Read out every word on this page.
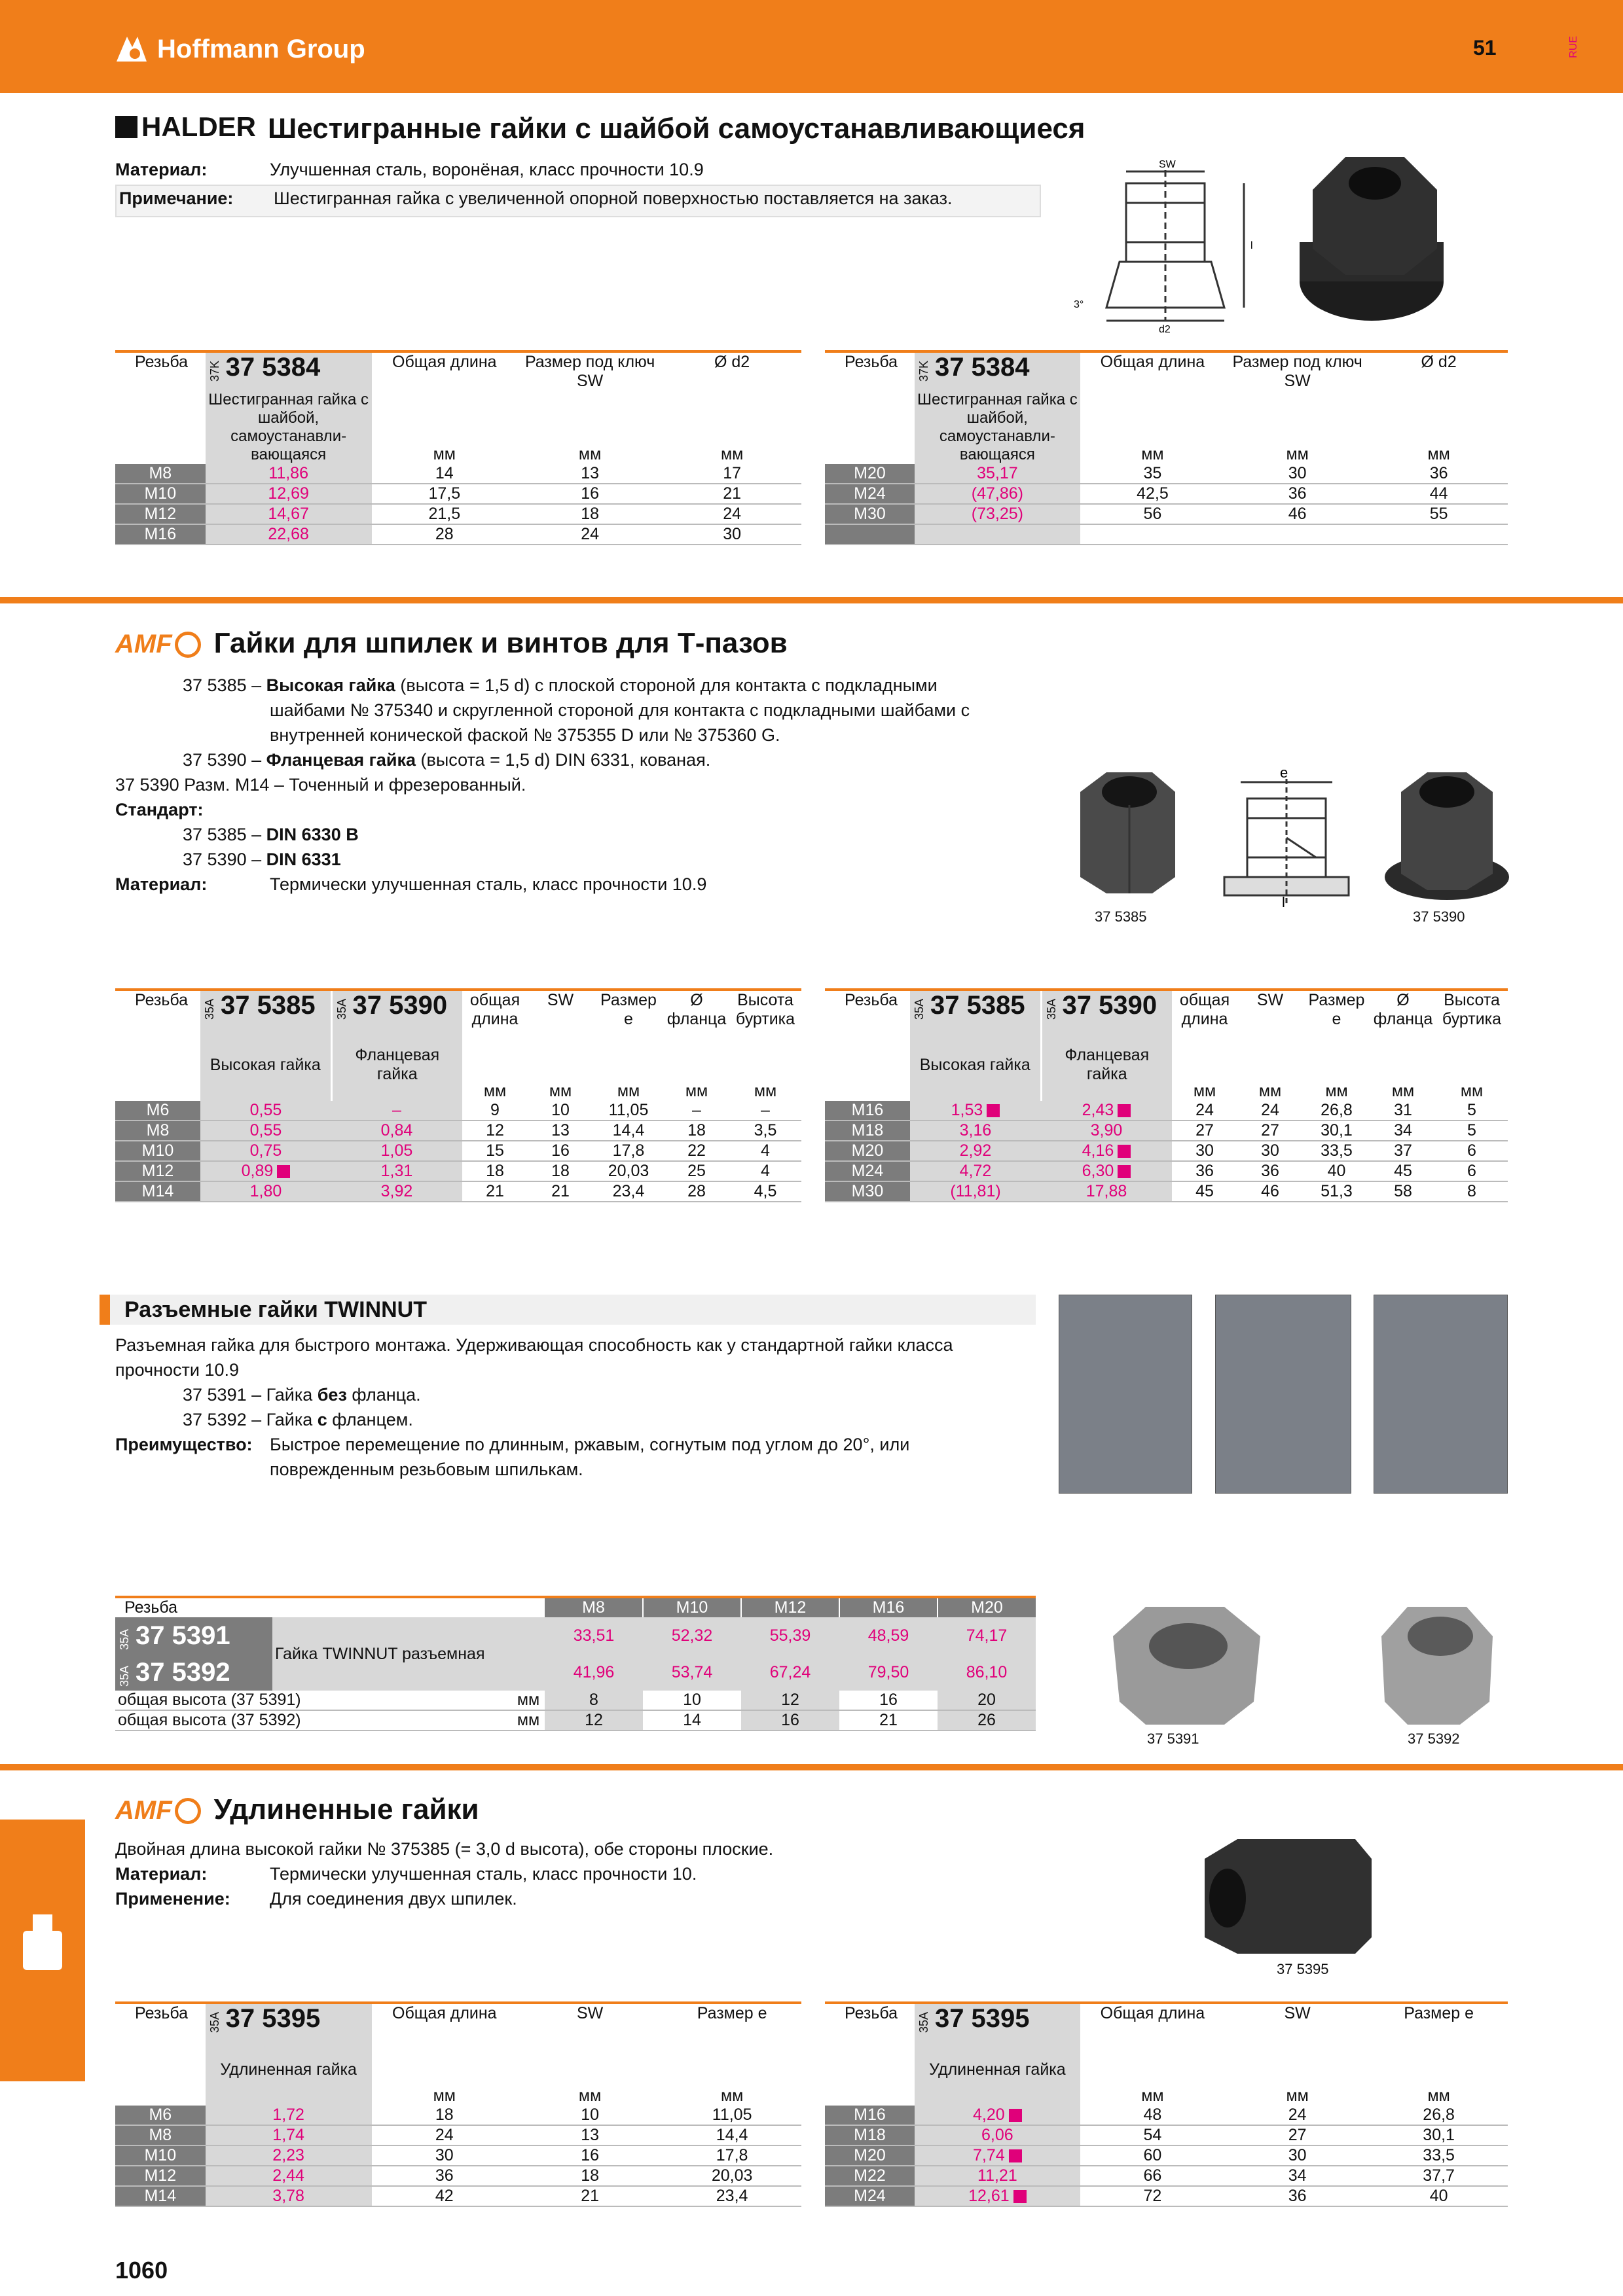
Hoffmann Group	51	RUE
HALDER Шестигранные гайки с шайбой самоустанавливающиеся
Материал:	Улучшенная сталь, воронёная, класс прочности 10.9
Примечание: Шестигранная гайка с увеличенной опорной поверхностью поставляется на заказ.
SW
l
d2
3°
Резьба	37K 37 5384	Общая длина	Размер под ключ SW	Ø d2
	Шестигранная гайка с шайбой, самоустанавли-вающаяся	мм	мм	мм
M8	11,86	14	13	17
M10	12,69	17,5	16	21
M12	14,67	21,5	18	24
M16	22,68	28	24	30
Резьба	37K 37 5384	Общая длина	Размер под ключ SW	Ø d2
	Шестигранная гайка с шайбой, самоустанавли-вающаяся	мм	мм	мм
M20	35,17	35	30	36
M24	(47,86)	42,5	36	44
M30	(73,25)	56	46	55

AMF Гайки для шпилек и винтов для Т-пазов
37 5385 – Высокая гайка (высота = 1,5 d) с плоской стороной для контакта с подкладными
шайбами № 375340 и скругленной стороной для контакта с подкладными шайбами с
внутренней конической фаской № 375355 D или № 375360 G.
37 5390 – Фланцевая гайка (высота = 1,5 d) DIN 6331, кованая.
37 5390 Разм. M14 – Точенный и фрезерованный.
Стандарт:
37 5385 – DIN 6330 B
37 5390 – DIN 6331
Материал:	Термически улучшенная сталь, класс прочности 10.9
e
l
37 5385	37 5390
Резьба	35A 37 5385	35A 37 5390	общая длина	SW	Размер e	Ø фланца	Высота буртика
	Высокая гайка	Фланцевая гайка	мм	мм	мм	мм	мм
M6	0,55	–	9	10	11,05	–	–
M8	0,55	0,84	12	13	14,4	18	3,5
M10	0,75	1,05	15	16	17,8	22	4
M12	0,89	1,31	18	18	20,03	25	4
M14	1,80	3,92	21	21	23,4	28	4,5
Резьба	35A 37 5385	35A 37 5390	общая длина	SW	Размер e	Ø фланца	Высота буртика
	Высокая гайка	Фланцевая гайка	мм	мм	мм	мм	мм
M16	1,53	2,43	24	24	26,8	31	5
M18	3,16	3,90	27	27	30,1	34	5
M20	2,92	4,16	30	30	33,5	37	6
M24	4,72	6,30	36	36	40	45	6
M30	(11,81)	17,88	45	46	51,3	58	8
Разъемные гайки TWINNUT
Разъемная гайка для быстрого монтажа. Удерживающая способность как у стандартной гайки класса
прочности 10.9
37 5391 – Гайка без фланца.
37 5392 – Гайка с фланцем.
Преимущество: Быстрое перемещение по длинным, ржавым, согнутым под углом до 20°, или
поврежденным резьбовым шпилькам.
Резьба			M8	M10	M12	M16	M20
35A 37 5391	Гайка TWINNUT разъемная		33,51	52,32	55,39	48,59	74,17
35A 37 5392			41,96	53,74	67,24	79,50	86,10
общая высота (37 5391)		мм	8	10	12	16	20
общая высота (37 5392)		мм	12	14	16	21	26
37 5391	37 5392
AMF Удлиненные гайки
Двойная длина высокой гайки № 375385 (= 3,0 d высота), обе стороны плоские.
Материал:	Термически улучшенная сталь, класс прочности 10.
Применение: Для соединения двух шпилек.
37 5395
Резьба	35A 37 5395	Общая длина	SW	Размер e
	Удлиненная гайка	мм	мм	мм
M6	1,72	18	10	11,05
M8	1,74	24	13	14,4
M10	2,23	30	16	17,8
M12	2,44	36	18	20,03
M14	3,78	42	21	23,4
Резьба	35A 37 5395	Общая длина	SW	Размер e
	Удлиненная гайка	мм	мм	мм
M16	4,20	48	24	26,8
M18	6,06	54	27	30,1
M20	7,74	60	30	33,5
M22	11,21	66	34	37,7
M24	12,61	72	36	40
1060
